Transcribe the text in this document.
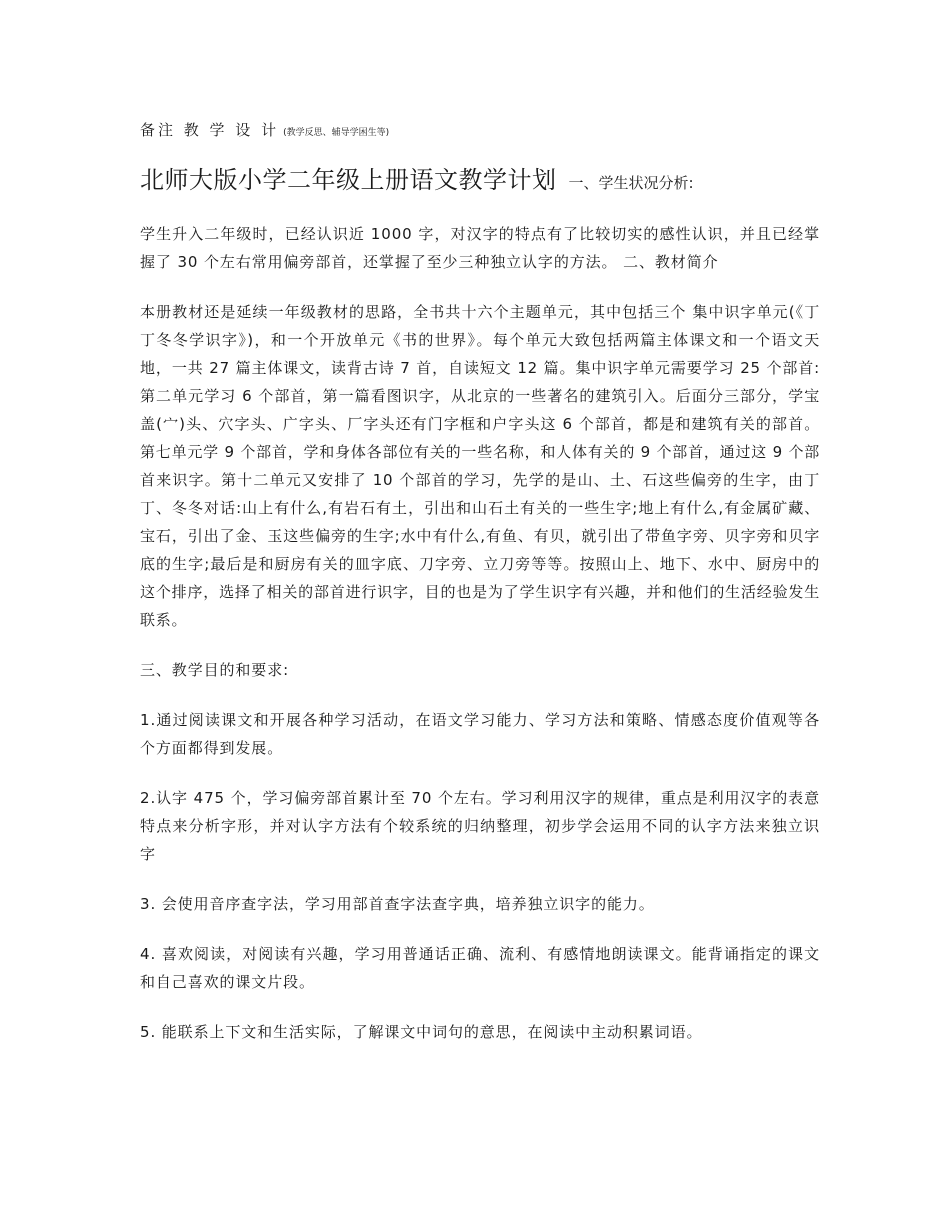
备注 教 学 设 计 (教学反思、辅导学困生等)
北师大版小学二年级上册语文教学计划 一、学生状况分析:

学生升入二年级时，已经认识近 1000 字，对汉字的特点有了比较切实的感性认识，并且已经掌握了 30 个左右常用偏旁部首，还掌握了至少三种独立认字的方法。 二、教材简介

本册教材还是延续一年级教材的思路，全书共十六个主题单元，其中包括三个 集中识字单元(《丁丁冬冬学识字》)，和一个开放单元《书的世界》。每个单元大致包括两篇主体课文和一个语文天地，一共 27 篇主体课文，读背古诗 7 首，自读短文 12 篇。集中识字单元需要学习 25 个部首:第二单元学习 6 个部首，第一篇看图识字，从北京的一些著名的建筑引入。后面分三部分，学宝盖(宀)头、穴字头、广字头、厂字头还有门字框和户字头这 6 个部首，都是和建筑有关的部首。第七单元学 9 个部首，学和身体各部位有关的一些名称，和人体有关的 9 个部首，通过这 9 个部首来识字。第十二单元又安排了 10 个部首的学习，先学的是山、土、石这些偏旁的生字，由丁丁、冬冬对话:山上有什么,有岩石有土，引出和山石土有关的一些生字;地上有什么,有金属矿藏、宝石，引出了金、玉这些偏旁的生字;水中有什么,有鱼、有贝，就引出了带鱼字旁、贝字旁和贝字底的生字;最后是和厨房有关的皿字底、刀字旁、立刀旁等等。按照山上、地下、水中、厨房中的这个排序，选择了相关的部首进行识字，目的也是为了学生识字有兴趣，并和他们的生活经验发生联系。

三、教学目的和要求:

1.通过阅读课文和开展各种学习活动，在语文学习能力、学习方法和策略、情感态度价值观等各个方面都得到发展。

2.认字 475 个，学习偏旁部首累计至 70 个左右。学习利用汉字的规律，重点是利用汉字的表意特点来分析字形，并对认字方法有个较系统的归纳整理，初步学会运用不同的认字方法来独立识字

3. 会使用音序查字法，学习用部首查字法查字典，培养独立识字的能力。

4. 喜欢阅读，对阅读有兴趣，学习用普通话正确、流利、有感情地朗读课文。能背诵指定的课文和自己喜欢的课文片段。

5. 能联系上下文和生活实际，了解课文中词句的意思，在阅读中主动积累词语。
